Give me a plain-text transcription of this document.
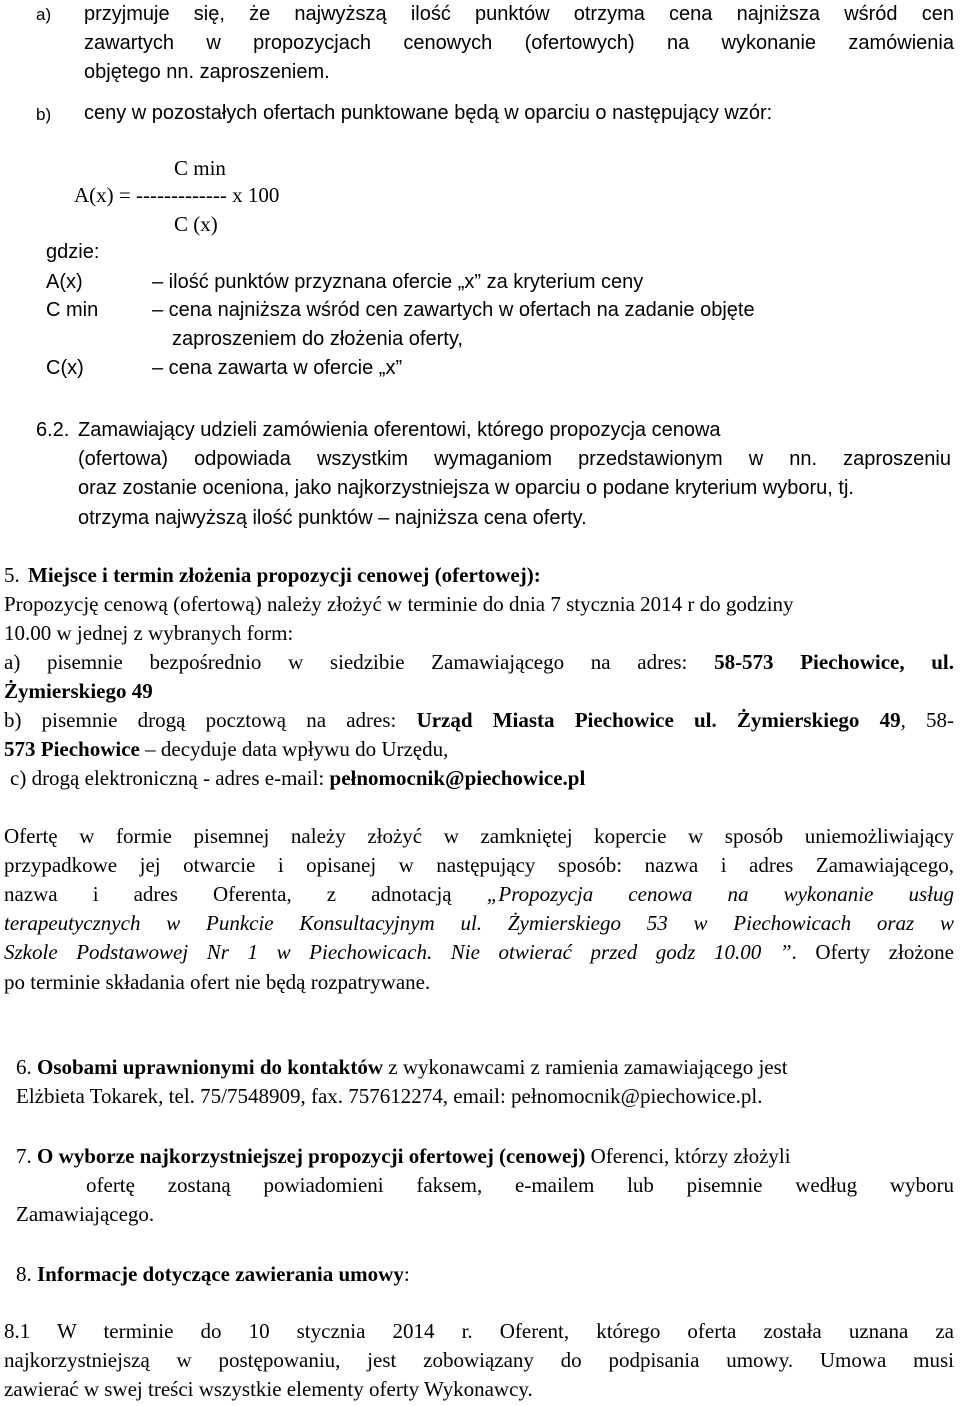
a) przyjmuje się, że najwyższą ilość punktów otrzyma cena najniższa wśród cen
zawartych w propozycjach cenowych (ofertowych) na wykonanie zamówienia
objętego nn. zaproszeniem.
b) ceny w pozostałych ofertach punktowane będą w oparciu o następujący wzór:
C min
A(x) = ------------- x 100
C (x)
gdzie:
A(x)	– ilość punktów przyznana ofercie „x” za kryterium ceny
C min	– cena najniższa wśród cen zawartych w ofertach na zadanie objęte
zaproszeniem do złożenia oferty,
C(x)	– cena zawarta w ofercie „x”
6.2. Zamawiający udzieli zamówienia oferentowi, którego propozycja cenowa
(ofertowa) odpowiada wszystkim wymaganiom przedstawionym w nn. zaproszeniu
oraz zostanie oceniona, jako najkorzystniejsza w oparciu o podane kryterium wyboru, tj.
otrzyma najwyższą ilość punktów – najniższa cena oferty.
5. Miejsce i termin złożenia propozycji cenowej (ofertowej):
Propozycję cenową (ofertową) należy złożyć w terminie do dnia 7 stycznia 2014 r do godziny
10.00 w jednej z wybranych form:
a) pisemnie bezpośrednio w siedzibie Zamawiającego na adres: 58-573 Piechowice, ul.
Żymierskiego 49
b) pisemnie drogą pocztową na adres: Urząd Miasta Piechowice ul. Żymierskiego 49, 58-
573 Piechowice – decyduje data wpływu do Urzędu,
c) drogą elektroniczną - adres e-mail: pełnomocnik@piechowice.pl
Ofertę w formie pisemnej należy złożyć w zamkniętej kopercie w sposób uniemożliwiający
przypadkowe jej otwarcie i opisanej w następujący sposób: nazwa i adres Zamawiającego,
nazwa i adres Oferenta, z adnotacją „Propozycja cenowa na wykonanie usług
terapeutycznych w Punkcie Konsultacyjnym ul. Żymierskiego 53 w Piechowicach oraz w
Szkole Podstawowej Nr 1 w Piechowicach. Nie otwierać przed godz 10.00 ”. Oferty złożone
po terminie składania ofert nie będą rozpatrywane.
6. Osobami uprawnionymi do kontaktów z wykonawcami z ramienia zamawiającego jest
Elżbieta Tokarek, tel. 75/7548909, fax. 757612274, email: pełnomocnik@piechowice.pl.
7. O wyborze najkorzystniejszej propozycji ofertowej (cenowej) Oferenci, którzy złożyli
ofertę zostaną powiadomieni faksem, e-mailem lub pisemnie według wyboru
Zamawiającego.
8. Informacje dotyczące zawierania umowy:
8.1 W terminie do 10 stycznia 2014 r. Oferent, którego oferta została uznana za
najkorzystniejszą w postępowaniu, jest zobowiązany do podpisania umowy. Umowa musi
zawierać w swej treści wszystkie elementy oferty Wykonawcy.
